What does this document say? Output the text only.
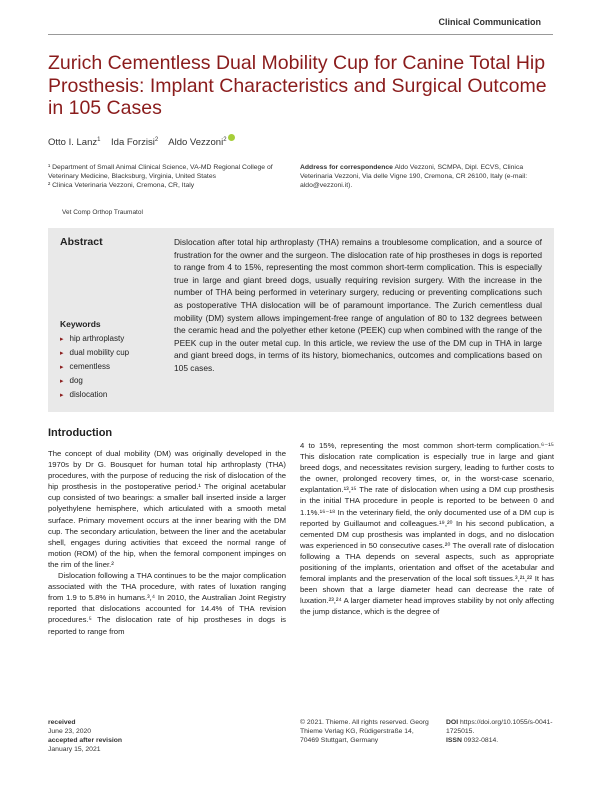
Clinical Communication
Zurich Cementless Dual Mobility Cup for Canine Total Hip Prosthesis: Implant Characteristics and Surgical Outcome in 105 Cases
Otto I. Lanz$^1$ Ida Forzisi$^2$ Aldo Vezzoni$^2$
¹ Department of Small Animal Clinical Science, VA-MD Regional College of Veterinary Medicine, Blacksburg, Virginia, United States
² Clinica Veterinaria Vezzoni, Cremona, CR, Italy
Address for correspondence Aldo Vezzoni, SCMPA, Dipl. ECVS, Clinica Veterinaria Vezzoni, Via delle Vigne 190, Cremona, CR 26100, Italy (e-mail: aldo@vezzoni.it).
Vet Comp Orthop Traumatol
Abstract
Keywords
▸ hip arthroplasty
▸ dual mobility cup
▸ cementless
▸ dog
▸ dislocation
Dislocation after total hip arthroplasty (THA) remains a troublesome complication, and a source of frustration for the owner and the surgeon. The dislocation rate of hip prostheses in dogs is reported to range from 4 to 15%, representing the most common short-term complication. This is especially true in large and giant breed dogs, usually requiring revision surgery. With the increase in the number of THA being performed in veterinary surgery, reducing or preventing complications such as postoperative THA dislocation will be of paramount importance. The Zurich cementless dual mobility (DM) system allows impingement-free range of angulation of 80 to 132 degrees between the ceramic head and the polyether ether ketone (PEEK) cup when combined with the range of the PEEK cup in the outer metal cup. In this article, we review the use of the DM cup in THA in large and giant breed dogs, in terms of its history, biomechanics, outcomes and complications based on 105 cases.
Introduction

The concept of dual mobility (DM) was originally developed in the 1970s by Dr G. Bousquet for human total hip arthroplasty (THA) procedures, with the purpose of reducing the risk of dislocation of the hip prosthesis in the postoperative period.¹ The original acetabular cup consisted of two bearings: a smaller ball inserted inside a larger polyethylene hemisphere, which articulated with a smooth metal surface. Primary movement occurs at the inner bearing with the DM cup. The secondary articulation, between the liner and the acetabular shell, engages during activities that exceed the normal range of motion (ROM) of the hip, when the femoral component impinges on the rim of the liner.²

Dislocation following a THA continues to be the major complication associated with the THA procedure, with rates of luxation ranging from 1.9 to 5.8% in humans.³,⁴ In 2010, the Australian Joint Registry reported that dislocations accounted for 14.4% of THA revision procedures.⁵ The dislocation rate of hip prostheses in dogs is reported to range from

4 to 15%, representing the most common short-term complication.⁶⁻¹⁵ This dislocation rate complication is especially true in large and giant breed dogs, and necessitates revision surgery, leading to further costs to the owner, prolonged recovery times, or, in the worst-case scenario, explantation.¹³,¹⁵ The rate of dislocation when using a DM cup prosthesis in the initial THA procedure in people is reported to be between 0 and 1.1%.¹⁶⁻¹⁸ In the veterinary field, the only documented use of a DM cup is reported by Guillaumot and colleagues.¹⁹,²⁰ In his second publication, a cemented DM cup prosthesis was implanted in dogs, and no dislocation was experienced in 50 consecutive cases.²⁰ The overall rate of dislocation following a THA depends on several aspects, such as appropriate positioning of the implants, orientation and offset of the acetabular and femoral implants and the preservation of the local soft tissues.³,²¹,²² It has been shown that a large diameter head can decrease the rate of luxation.²³,²⁴ A larger diameter head improves stability by not only affecting the jump distance, which is the degree of

received
June 23, 2020
accepted after revision
January 15, 2021
© 2021. Thieme. All rights reserved. Georg Thieme Verlag KG, Rüdigerstraße 14, 70469 Stuttgart, Germany
DOI https://doi.org/10.1055/s-0041-1725015.
ISSN 0932-0814.
